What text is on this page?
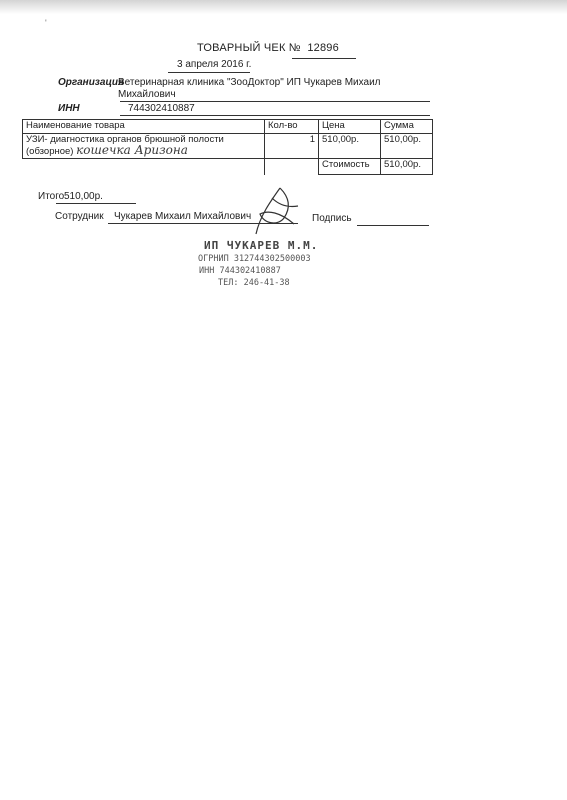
'
ТОВАРНЫЙ ЧЕК № 12896
3 апреля 2016 г.
Организация
Ветеринарная клиника "ЗооДоктор" ИП Чукарев Михаил Михайлович
ИНН	744302410887
Наименование товара	Кол-во	Цена	Сумма
УЗИ- диагностика органов брюшной полости (обзорное) кошечка Аризона	1	510,00р.	510,00р.
		Стоимость	510,00р.
Итого 510,00р.
Сотрудник Чукарев Михаил Михайлович	Подпись
ИП ЧУКАРЕВ М.М.
ОГРНИП 312744302500003
ИНН 744302410887
ТЕЛ: 246-41-38
